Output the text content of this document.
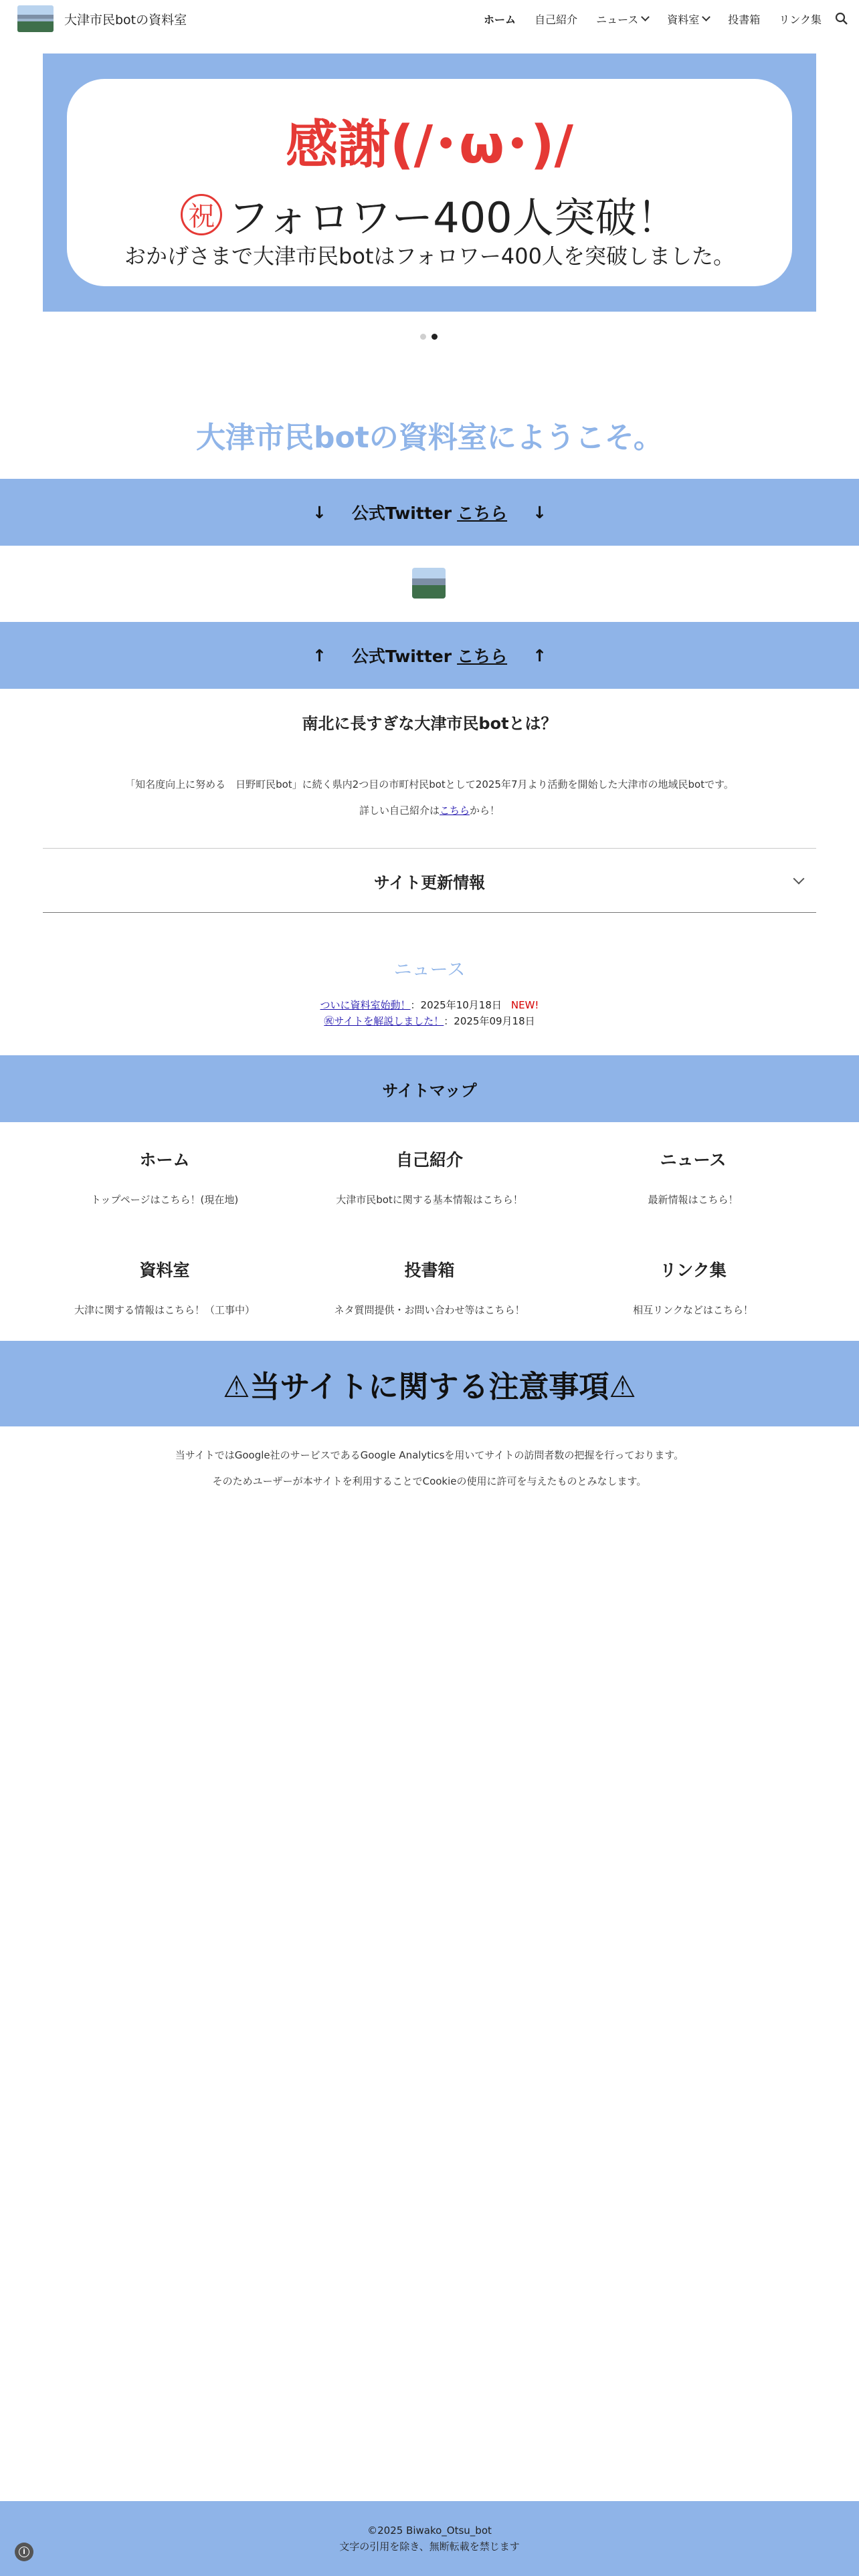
大津市民botの資料室	ホーム 自己紹介 ニュース	資料室	投書箱 リンク集
感謝(/･ω･)/
祝 フォロワー400人突破！
おかげさまで大津市民botはフォロワー400人を突破しました。
大津市民botの資料室にようこそ。
↓ 公式Twitter こちら ↓
↑ 公式Twitter こちら ↑
南北に長すぎな大津市民botとは？
「知名度向上に努める　日野町民bot」に続く県内2つ目の市町村民botとして2025年7月より活動を開始した大津市の地域民botです。
詳しい自己紹介はこちらから！
サイト更新情報
ニュース
ついに資料室始動！：2025年10月18日 NEW!
㊗サイトを解説しました！：2025年09月18日
サイトマップ
ホーム
トップページはこちら！(現在地)
自己紹介
大津市民botに関する基本情報はこちら！
ニュース
最新情報はこちら！
資料室
大津に関する情報はこちら！（工事中）
投書箱
ネタ質問提供・お問い合わせ等はこちら！
リンク集
相互リンクなどはこちら！
⚠当サイトに関する注意事項⚠
当サイトではGoogle社のサービスであるGoogle Analyticsを用いてサイトの訪問者数の把握を行っております。
そのためユーザーが本サイトを利用することでCookieの使用に許可を与えたものとみなします。
©2025 Biwako_Otsu_bot
文字の引用を除き、無断転載を禁じます
i
